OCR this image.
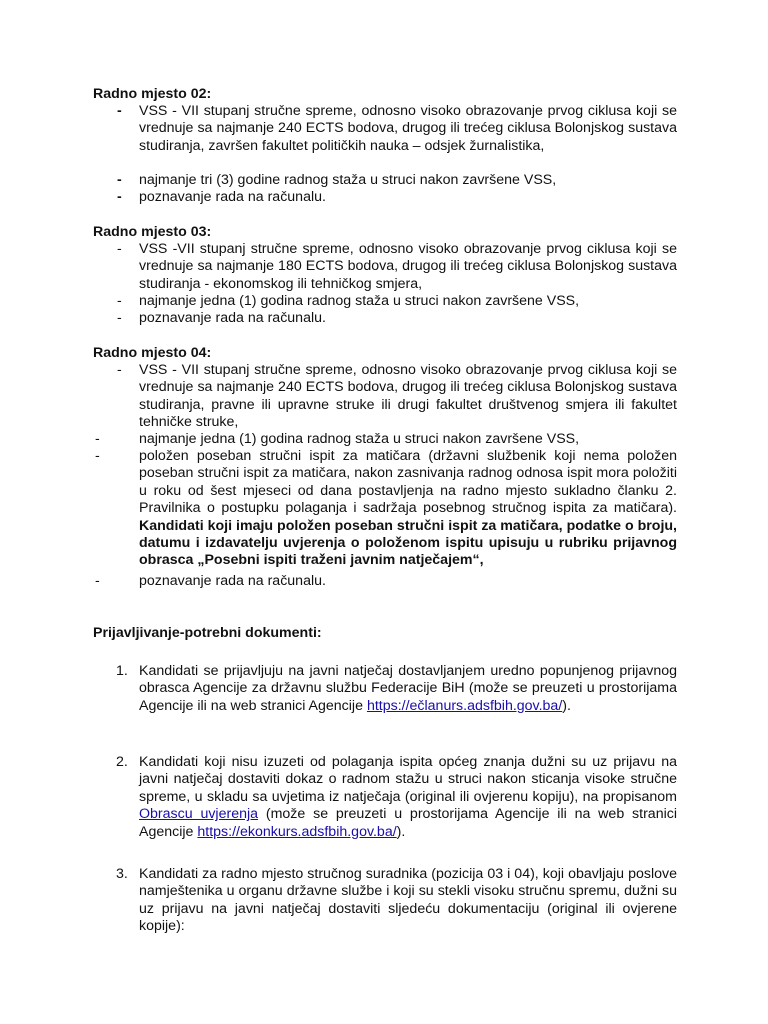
Radno mjesto 02:
- VSS - VII stupanj stručne spreme, odnosno visoko obrazovanje prvog ciklusa koji se vrednuje sa najmanje 240 ECTS bodova, drugog ili trećeg ciklusa Bolonjskog sustava studiranja, završen fakultet političkih nauka – odsjek žurnalistika,
- najmanje tri (3) godine radnog staža u struci nakon završene VSS,
- poznavanje rada na računalu.
Radno mjesto 03:
- VSS -VII stupanj stručne spreme, odnosno visoko obrazovanje prvog ciklusa koji se vrednuje sa najmanje 180 ECTS bodova, drugog ili trećeg ciklusa Bolonjskog sustava studiranja - ekonomskog ili tehničkog smjera,
- najmanje jedna (1) godina radnog staža u struci nakon završene VSS,
- poznavanje rada na računalu.
Radno mjesto 04:
- VSS - VII stupanj stručne spreme, odnosno visoko obrazovanje prvog ciklusa koji se vrednuje sa najmanje 240 ECTS bodova, drugog ili trećeg ciklusa Bolonjskog sustava studiranja, pravne ili upravne struke ili drugi fakultet društvenog smjera ili fakultet tehničke struke,
-	najmanje jedna (1) godina radnog staža u struci nakon završene VSS,
-	položen poseban stručni ispit za matičara (državni službenik koji nema položen poseban stručni ispit za matičara, nakon zasnivanja radnog odnosa ispit mora položiti u roku od šest mjeseci od dana postavljenja na radno mjesto sukladno članku 2. Pravilnika o postupku polaganja i sadržaja posebnog stručnog ispita za matičara). Kandidati koji imaju položen poseban stručni ispit za matičara, podatke o broju, datumu i izdavatelju uvjerenja o položenom ispitu upisuju u rubriku prijavnog obrasca „Posebni ispiti traženi javnim natječajem“,
-	poznavanje rada na računalu.
Prijavljivanje-potrebni dokumenti:
1. Kandidati se prijavljuju na javni natječaj dostavljanjem uredno popunjenog prijavnog obrasca Agencije za državnu službu Federacije BiH (može se preuzeti u prostorijama Agencije ili na web stranici Agencije https://ečlanurs.adsfbih.gov.ba/).
2. Kandidati koji nisu izuzeti od polaganja ispita općeg znanja dužni su uz prijavu na javni natječaj dostaviti dokaz o radnom stažu u struci nakon sticanja visoke stručne spreme, u skladu sa uvjetima iz natječaja (original ili ovjerenu kopiju), na propisanom Obrascu uvjerenja (može se preuzeti u prostorijama Agencije ili na web stranici Agencije https://ekonkurs.adsfbih.gov.ba/).
3. Kandidati za radno mjesto stručnog suradnika (pozicija 03 i 04), koji obavljaju poslove namještenika u organu državne službe i koji su stekli visoku stručnu spremu, dužni su uz prijavu na javni natječaj dostaviti sljedeću dokumentaciju (original ili ovjerene kopije):
